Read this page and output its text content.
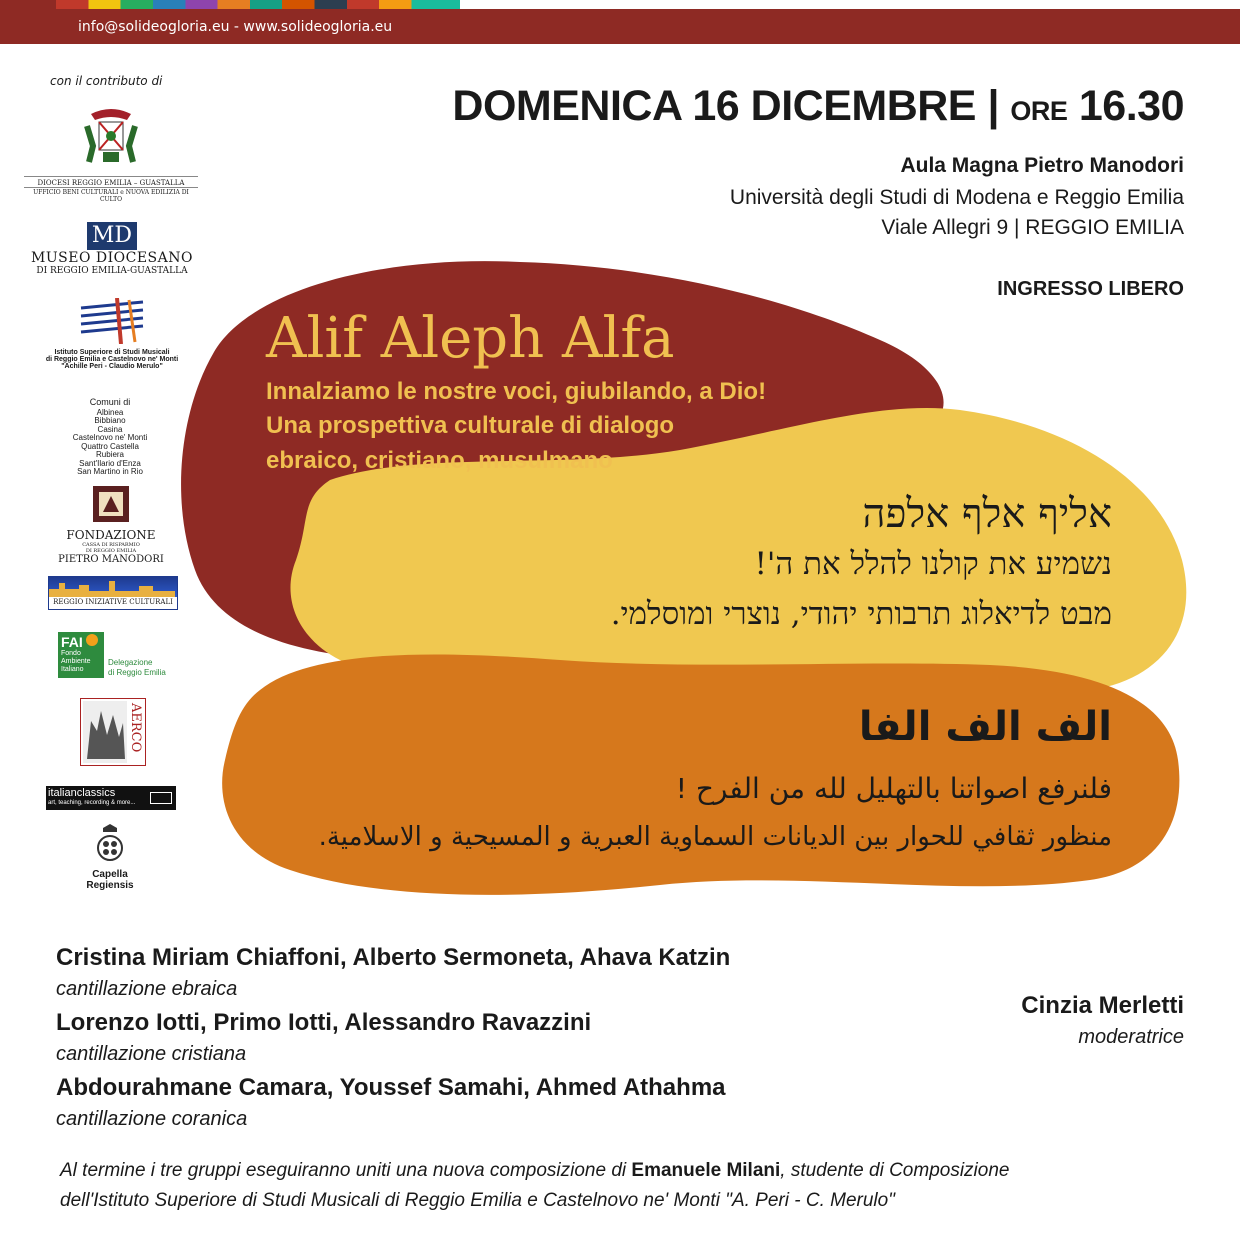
info@solideogloria.eu - www.solideogloria.eu
con il contributo di
DIOCESI REGGIO EMILIA – GUASTALLA
UFFICIO BENI CULTURALI e NUOVA EDILIZIA DI CULTO
MD
MUSEO DIOCESANO
DI REGGIO EMILIA-GUASTALLA
Istituto Superiore di Studi Musicali
di Reggio Emilia e Castelnovo ne' Monti
"Achille Peri - Claudio Merulo"
Comuni di
Albinea
Bibbiano
Casina
Castelnovo ne' Monti
Quattro Castella
Rubiera
Sant'Ilario d'Enza
San Martino in Rio
FONDAZIONE
CASSA DI RISPARMIO
DI REGGIO EMILIA
PIETRO MANODORI
REGGIO INIZIATIVE CULTURALI
FAI
Fondo
Ambiente
Italiano
Delegazione
di Reggio Emilia
AERCO
italianclassics
art, teaching, recording & more...
Capella
Regiensis
DOMENICA 16 DICEMBRE | ORE 16.30
Aula Magna Pietro Manodori
Università degli Studi di Modena e Reggio Emilia
Viale Allegri 9 | REGGIO EMILIA
INGRESSO LIBERO
Alif Aleph Alfa
Innalziamo le nostre voci, giubilando, a Dio!
Una prospettiva culturale di dialogo
ebraico, cristiano, musulmano
אליף אלף אלפה
נשמיע את קולנו להלל את ה'!
מבט לדיאלוג תרבותי יהודי, נוצרי ומוסלמי.
الف الف الفا
فلنرفع اصواتنا بالتهليل لله من الفرح !
منظور ثقافي للحوار بين الديانات السماوية العبرية و المسيحية و الاسلامية.
Cristina Miriam Chiaffoni, Alberto Sermoneta, Ahava Katzin
cantillazione ebraica
Lorenzo Iotti, Primo Iotti, Alessandro Ravazzini
cantillazione cristiana
Abdourahmane Camara, Youssef Samahi, Ahmed Athahma
cantillazione coranica
Cinzia Merletti
moderatrice
Al termine i tre gruppi eseguiranno uniti una nuova composizione di Emanuele Milani, studente di Composizione
dell'Istituto Superiore di Studi Musicali di Reggio Emilia e Castelnovo ne' Monti "A. Peri - C. Merulo"
